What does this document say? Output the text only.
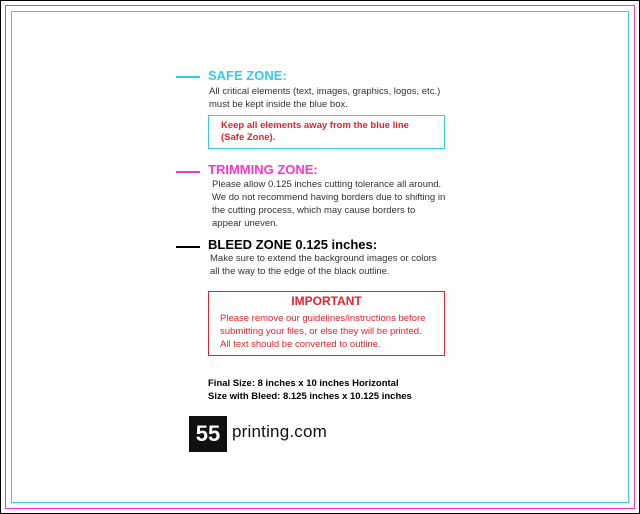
SAFE ZONE:
All critical elements (text, images, graphics, logos, etc.)
must be kept inside the blue box.
Keep all elements away from the blue line
(Safe Zone).
TRIMMING ZONE:
Please allow 0.125 inches cutting tolerance all around.
We do not recommend having borders due to shifting in
the cutting process, which may cause borders to
appear uneven.
BLEED ZONE 0.125 inches:
Make sure to extend the background images or colors
all the way to the edge of the black outline.
IMPORTANT
Please remove our guidelines/instructions before
submitting your files, or else they will be printed.
All text should be converted to outline.
Final Size: 8 inches x 10 inches Horizontal
Size with Bleed: 8.125 inches x 10.125 inches
55 printing.com
